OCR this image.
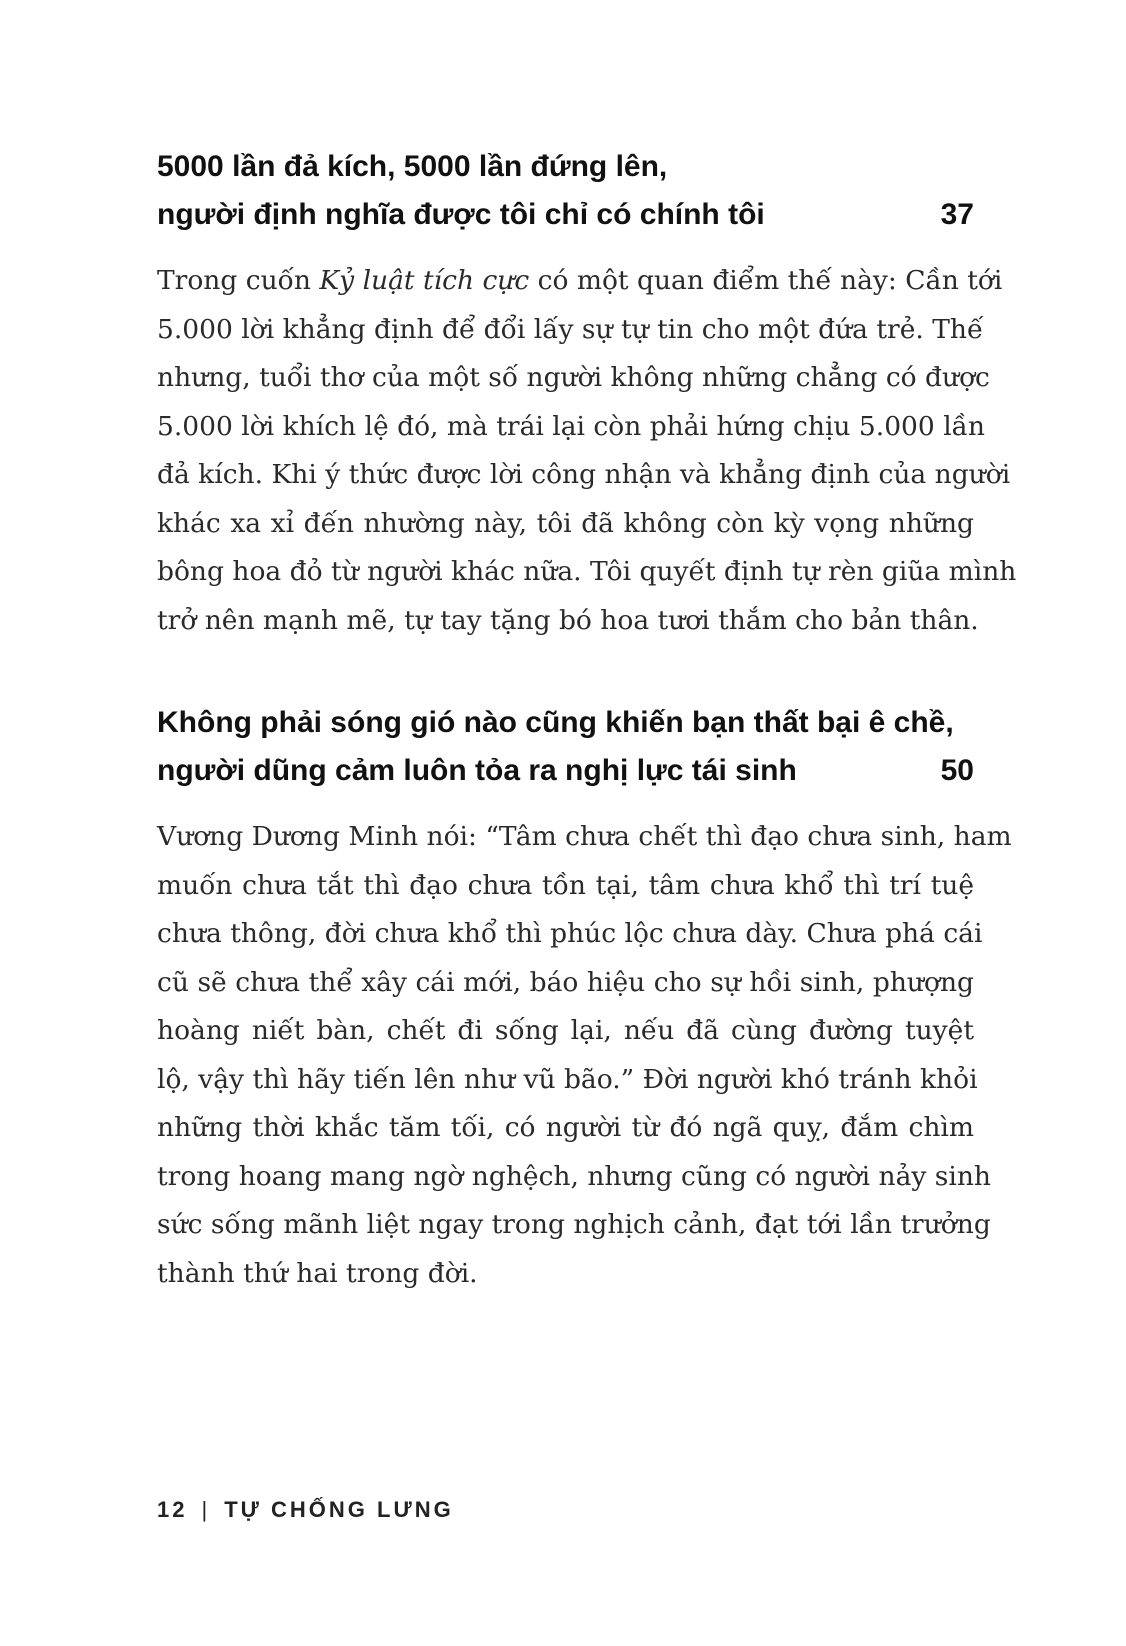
5000 lần đả kích, 5000 lần đứng lên,
người định nghĩa được tôi chỉ có chính tôi	37
Trong cuốn Kỷ luật tích cực có một quan điểm thế này: Cần tới
5.000 lời khẳng định để đổi lấy sự tự tin cho một đứa trẻ. Thế
nhưng, tuổi thơ của một số người không những chẳng có được
5.000 lời khích lệ đó, mà trái lại còn phải hứng chịu 5.000 lần
đả kích. Khi ý thức được lời công nhận và khẳng định của người
khác xa xỉ đến nhường này, tôi đã không còn kỳ vọng những
bông hoa đỏ từ người khác nữa. Tôi quyết định tự rèn giũa mình
trở nên mạnh mẽ, tự tay tặng bó hoa tươi thắm cho bản thân.
Không phải sóng gió nào cũng khiến bạn thất bại ê chề,
người dũng cảm luôn tỏa ra nghị lực tái sinh	50
Vương Dương Minh nói: “Tâm chưa chết thì đạo chưa sinh, ham
muốn chưa tắt thì đạo chưa tồn tại, tâm chưa khổ thì trí tuệ
chưa thông, đời chưa khổ thì phúc lộc chưa dày. Chưa phá cái
cũ sẽ chưa thể xây cái mới, báo hiệu cho sự hồi sinh, phượng
hoàng niết bàn, chết đi sống lại, nếu đã cùng đường tuyệt
lộ, vậy thì hãy tiến lên như vũ bão.” Đời người khó tránh khỏi
những thời khắc tăm tối, có người từ đó ngã quỵ, đắm chìm
trong hoang mang ngờ nghệch, nhưng cũng có người nảy sinh
sức sống mãnh liệt ngay trong nghịch cảnh, đạt tới lần trưởng
thành thứ hai trong đời.
12 | TỰ CHỐNG LƯNG
